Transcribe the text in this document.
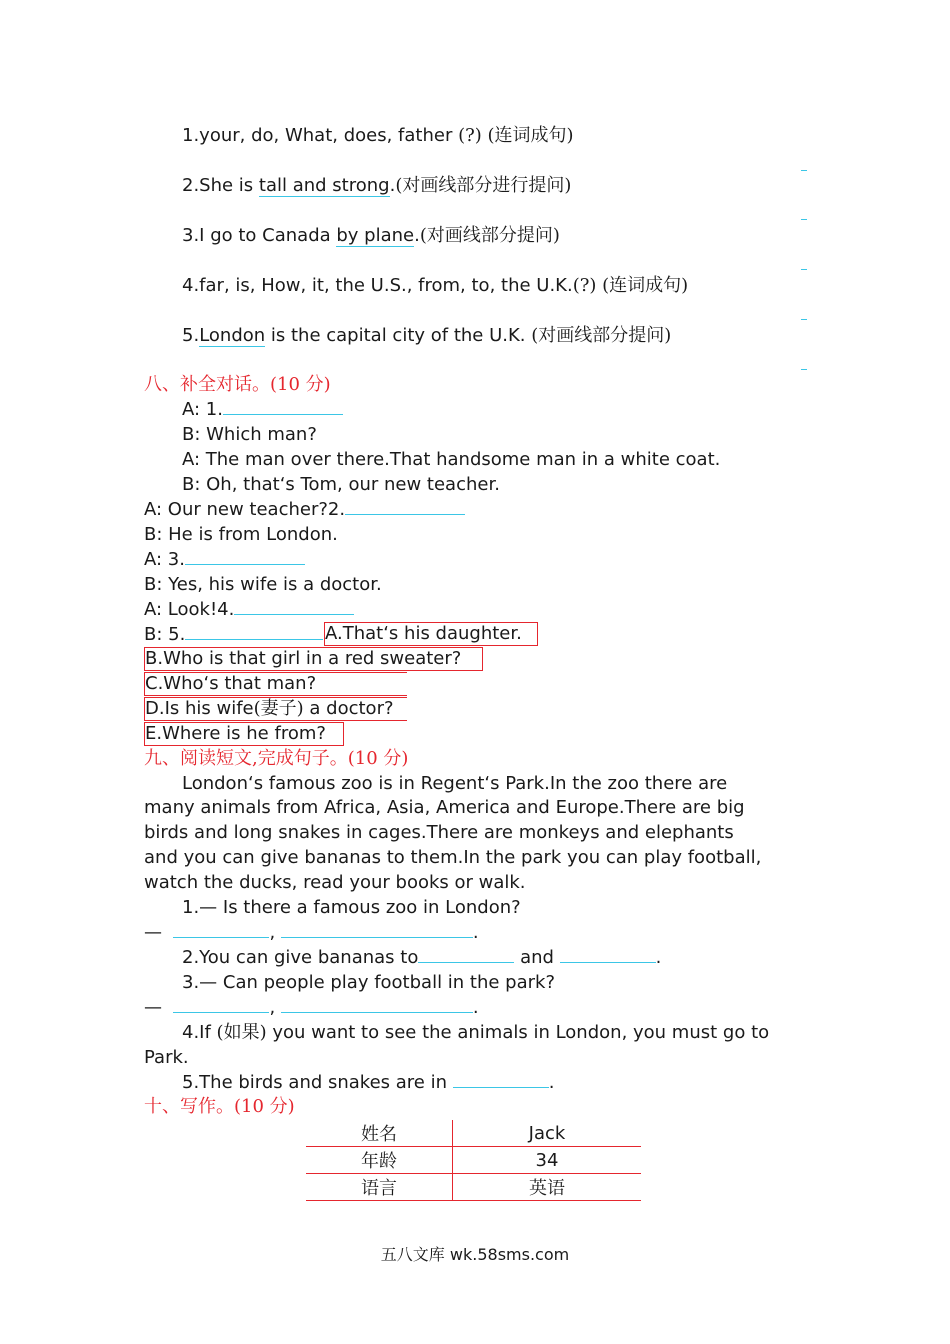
1.your, do, What, does, father (?) (连词成句)
2.She is tall and strong.(对画线部分进行提问)
3.I go to Canada by plane.(对画线部分提问)
4.far, is, How, it, the U.S., from, to, the U.K.(?) (连词成句)
5.London is the capital city of the U.K. (对画线部分提问)
八、补全对话。(10 分)
A: 1.
B: Which man?
A: The man over there.That handsome man in a white coat.
B: Oh, that‘s Tom, our new teacher.
A: Our new teacher?2.
B: He is from London.
A: 3.
B: Yes, his wife is a doctor.
A: Look!4.
B: 5.	A.That‘s his daughter.
B.Who is that girl in a red sweater?
C.Who‘s that man?
D.Is his wife(妻子) a doctor?
E.Where is he from?
九、阅读短文,完成句子。(10 分)
London‘s famous zoo is in Regent‘s Park.In the zoo there are
many animals from Africa, Asia, America and Europe.There are big
birds and long snakes in cages.There are monkeys and elephants
and you can give bananas to them.In the park you can play football,
watch the ducks, read your books or walk.
1.— Is there a famous zoo in London?
—	,	.
2.You can give bananas to	and	.
3.— Can people play football in the park?
—	,	.
4.If (如果) you want to see the animals in London, you must go to
Park.
5.The birds and snakes are in	.
十、写作。(10 分)
姓名	Jack
年龄	34
语言	英语
五八文库 wk.58sms.com
